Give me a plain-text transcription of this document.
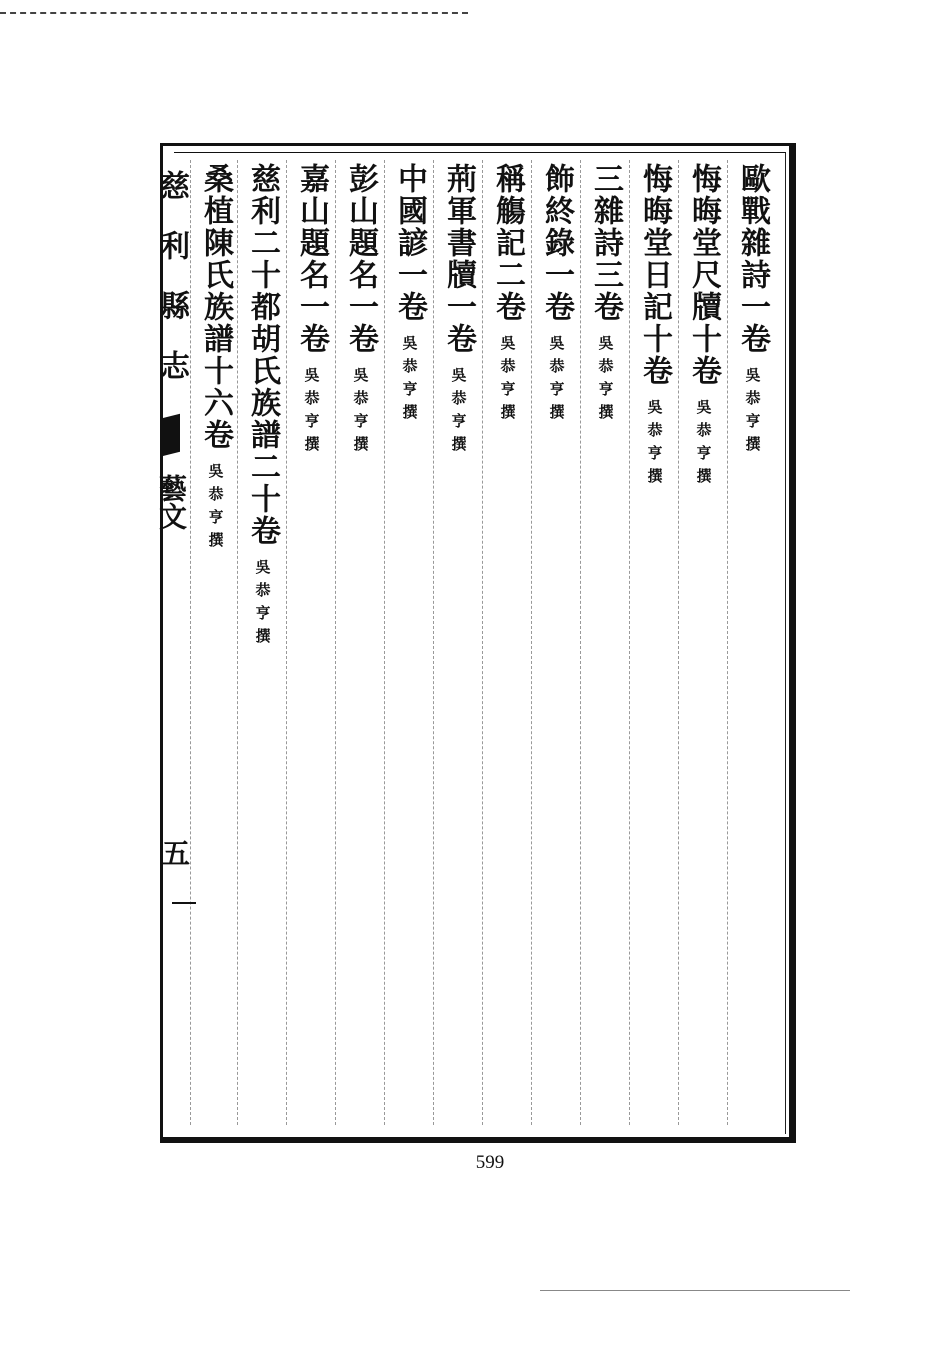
歐戰雜詩一卷
吳恭亨撰
悔晦堂尺牘十卷
吳恭亨撰
悔晦堂日記十卷
吳恭亨撰
三雜詩三卷
吳恭亨撰
飾終錄一卷
吳恭亨撰
稱觴記二卷
吳恭亨撰
荊軍書牘一卷
吳恭亨撰
中國諺一卷
吳恭亨撰
彭山題名一卷
吳恭亨撰
嘉山題名一卷
吳恭亨撰
慈利二十都胡氏族譜二十卷
吳恭亨撰
桑植陳氏族譜十六卷
吳恭亨撰
慈利縣志
藝文
五
599
